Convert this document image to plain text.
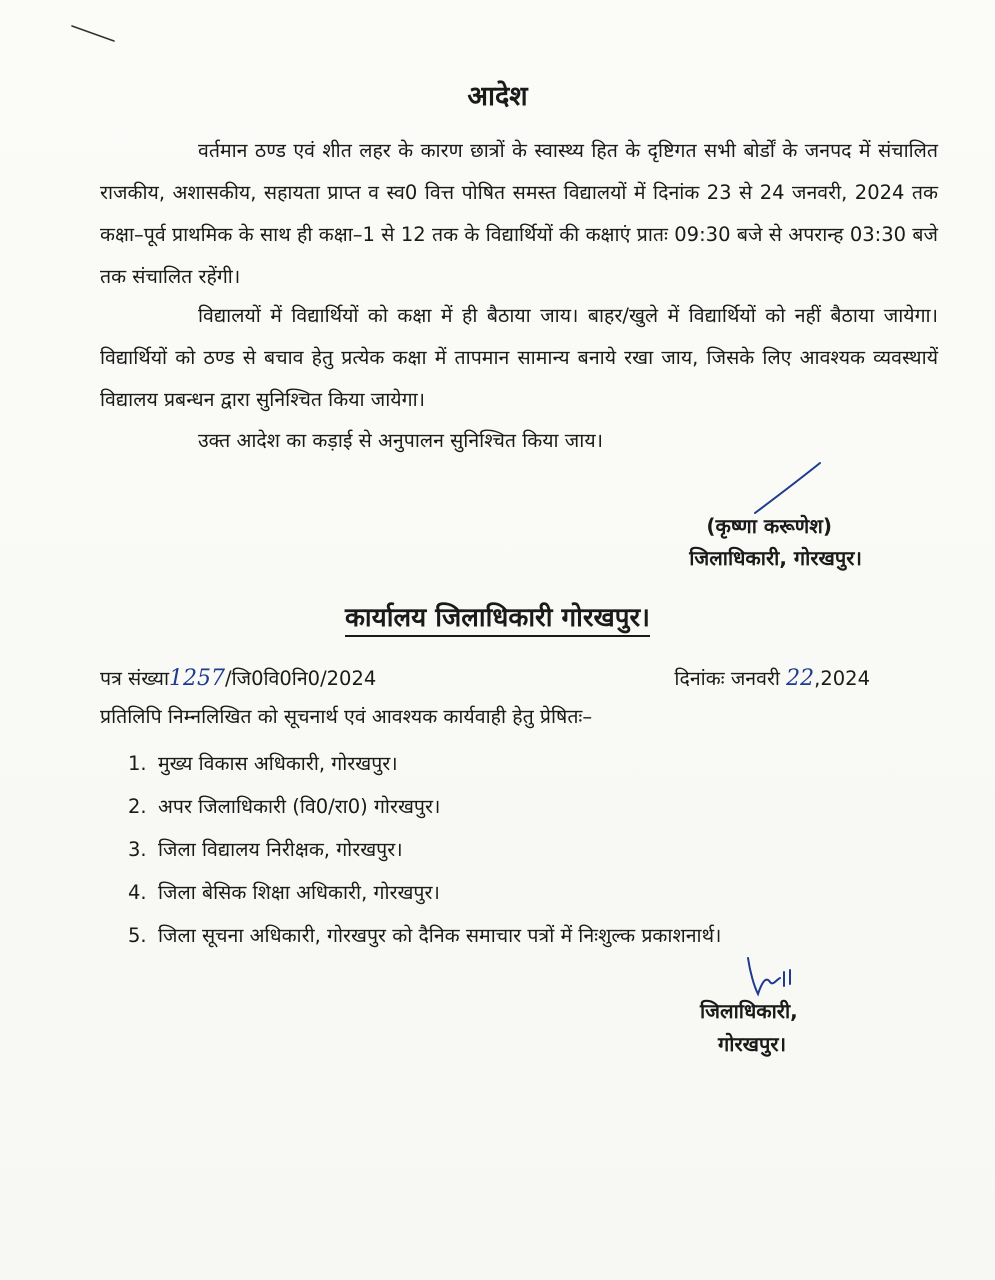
आदेश
वर्तमान ठण्ड एवं शीत लहर के कारण छात्रों के स्वास्थ्य हित के दृष्टिगत सभी बोर्डों के जनपद में संचालित राजकीय, अशासकीय, सहायता प्राप्त व स्व0 वित्त पोषित समस्त विद्यालयों में दिनांक 23 से 24 जनवरी, 2024 तक कक्षा–पूर्व प्राथमिक के साथ ही कक्षा–1 से 12 तक के विद्यार्थियों की कक्षाएं प्रातः 09:30 बजे से अपरान्ह 03:30 बजे तक संचालित रहेंगी।
विद्यालयों में विद्यार्थियों को कक्षा में ही बैठाया जाय। बाहर/खुले में विद्यार्थियों को नहीं बैठाया जायेगा। विद्यार्थियों को ठण्ड से बचाव हेतु प्रत्येक कक्षा में तापमान सामान्य बनाये रखा जाय, जिसके लिए आवश्यक व्यवस्थायें विद्यालय प्रबन्धन द्वारा सुनिश्चित किया जायेगा।
उक्त आदेश का कड़ाई से अनुपालन सुनिश्चित किया जाय।
(कृष्णा करूणेश)
जिलाधिकारी, गोरखपुर।
कार्यालय जिलाधिकारी गोरखपुर।
पत्र संख्या1257/जि0वि0नि0/2024	दिनांकः जनवरी 22,2024
प्रतिलिपि निम्नलिखित को सूचनार्थ एवं आवश्यक कार्यवाही हेतु प्रेषितः–
1. मुख्य विकास अधिकारी, गोरखपुर।
2. अपर जिलाधिकारी (वि0/रा0) गोरखपुर।
3. जिला विद्यालय निरीक्षक, गोरखपुर।
4. जिला बेसिक शिक्षा अधिकारी, गोरखपुर।
5. जिला सूचना अधिकारी, गोरखपुर को दैनिक समाचार पत्रों में निःशुल्क प्रकाशनार्थ।
जिलाधिकारी,
गोरखपुर।
